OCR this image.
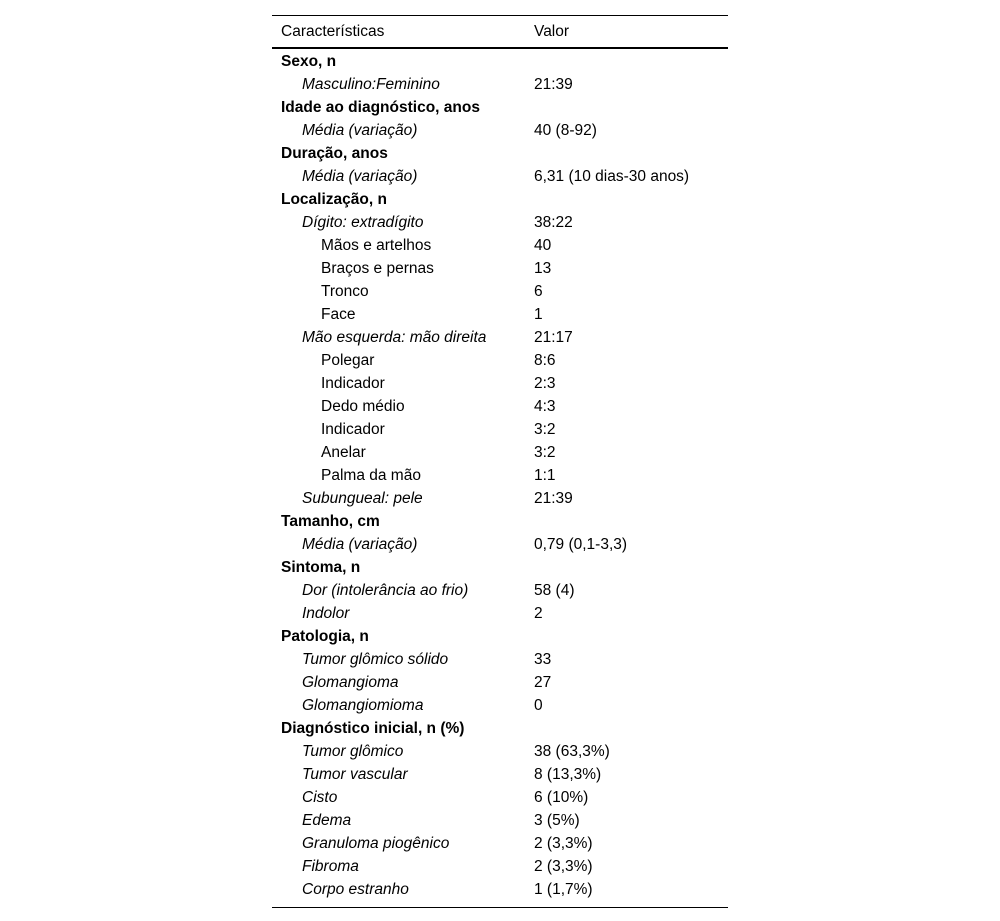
Características	Valor
Sexo, n
Masculino:Feminino	21:39
Idade ao diagnóstico, anos
Média (variação)	40 (8-92)
Duração, anos
Média (variação)	6,31 (10 dias-30 anos)
Localização, n
Dígito: extradígito	38:22
Mãos e artelhos	40
Braços e pernas	13
Tronco	6
Face	1
Mão esquerda: mão direita	21:17
Polegar	8:6
Indicador	2:3
Dedo médio	4:3
Indicador	3:2
Anelar	3:2
Palma da mão	1:1
Subungueal: pele	21:39
Tamanho, cm
Média (variação)	0,79 (0,1-3,3)
Sintoma, n
Dor (intolerância ao frio)	58 (4)
Indolor	2
Patologia, n
Tumor glômico sólido	33
Glomangioma	27
Glomangiomioma	0
Diagnóstico inicial, n (%)
Tumor glômico	38 (63,3%)
Tumor vascular	8 (13,3%)
Cisto	6 (10%)
Edema	3 (5%)
Granuloma piogênico	2 (3,3%)
Fibroma	2 (3,3%)
Corpo estranho	1 (1,7%)
